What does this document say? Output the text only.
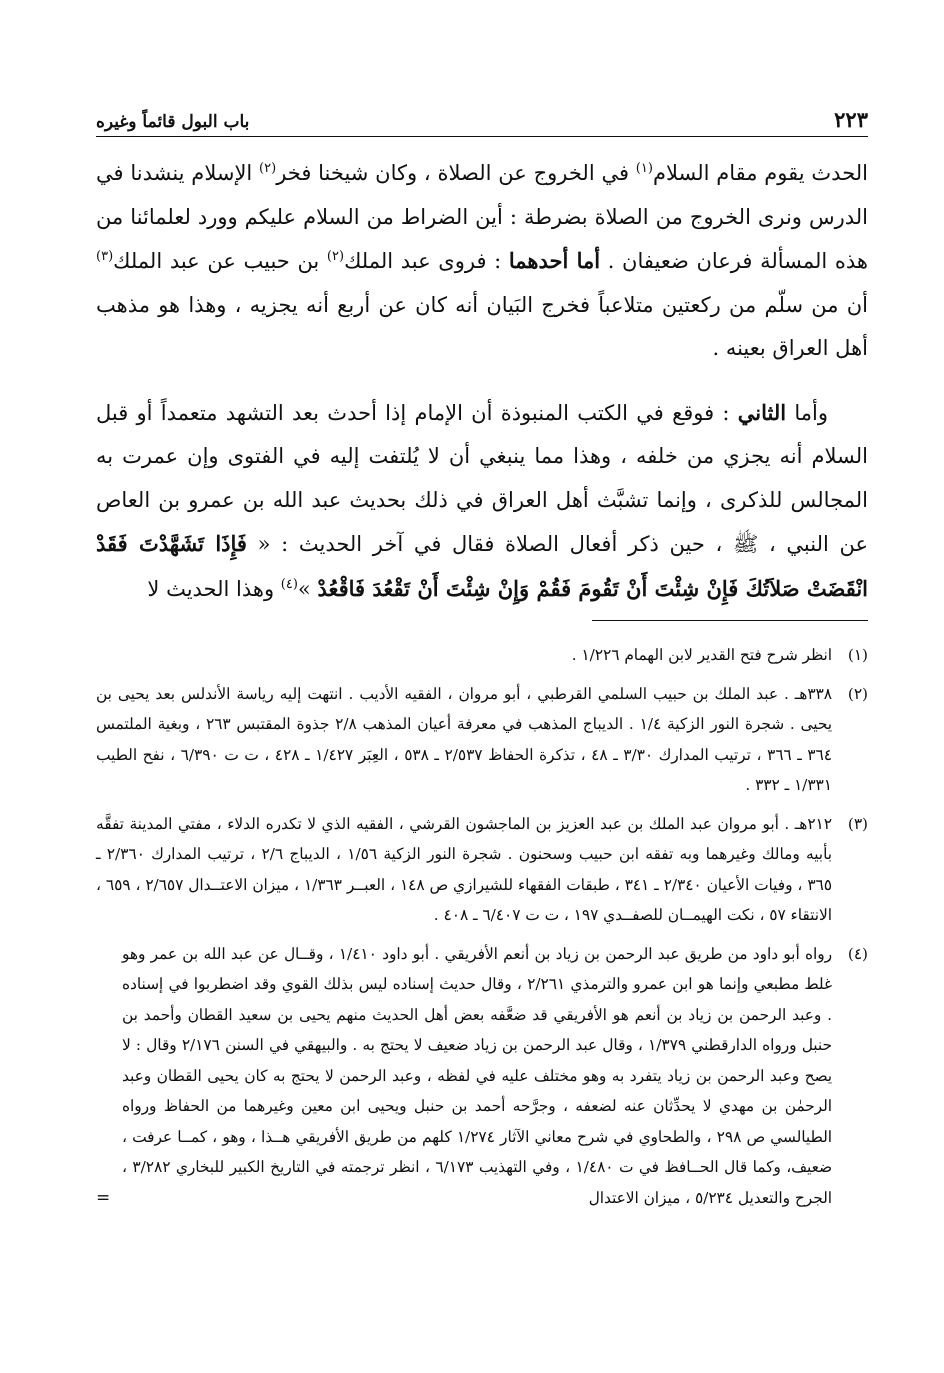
٢٢٣
باب البول قائماً وغيره

الحدث يقوم مقام السلام$^{(١)}$ في الخروج عن الصلاة ، وكان شيخنا فخر$^{(٢)}$ الإسلام ينشدنا في الدرس ونرى الخروج من الصلاة بضرطة : أين الضراط من السلام عليكم وورد لعلمائنا من هذه المسألة فرعان ضعيفان . أما أحدهما : فروى عبد الملك$^{(٢)}$ بن حبيب عن عبد الملك$^{(٣)}$ أن من سلّم من ركعتين متلاعباً فخرج البَيان أنه كان عن أربع أنه يجزيه ، وهذا هو مذهب أهل العراق بعينه .

وأما الثاني : فوقع في الكتب المنبوذة أن الإمام إذا أحدث بعد التشهد متعمداً أو قبل السلام أنه يجزي من خلفه ، وهذا مما ينبغي أن لا يُلتفت إليه في الفتوى وإن عمرت به المجالس للذكرى ، وإنما تشبَّث أهل العراق في ذلك بحديث عبد الله بن عمرو بن العاص عن النبي ، ﷺ ، حين ذكر أفعال الصلاة فقال في آخر الحديث : « فَإِذَا تَشَهَّدْتَ فَقَدْ انْقَضَتْ صَلاَتُكَ فَإِنْ شِئْتَ أَنْ تَقُومَ فَقُمْ وَإِنْ شِئْتَ أَنْ تَقْعُدَ فَاقْعُدْ »$^{(٤)}$ وهذا الحديث لا

(١)
انظر شرح فتح القدير لابن الهمام ١/٢٢٦ .
(٢)
٣٣٨هـ . عبد الملك بن حبيب السلمي القرطبي ، أبو مروان ، الفقيه الأديب . انتهت إليه رياسة الأندلس بعد يحيى بن يحيى . شجرة النور الزكية ١/٤ . الديباج المذهب في معرفة أعيان المذهب ٢/٨ جذوة المقتبس ٢٦٣ ، وبغية الملتمس ٣٦٤ ـ ٣٦٦ ، ترتيب المدارك ٣/٣٠ ـ ٤٨ ، تذكرة الحفاظ ٢/٥٣٧ ـ ٥٣٨ ، العِبَر ١/٤٢٧ ـ ٤٢٨ ، ت ت ٦/٣٩٠ ، نفح الطيب ١/٣٣١ ـ ٣٣٢ .
(٣)
٢١٢هـ . أبو مروان عبد الملك بن عبد العزيز بن الماجشون القرشي ، الفقيه الذي لا تكدره الدلاء ، مفتي المدينة تفقَّه بأبيه ومالك وغيرهما وبه تفقه ابن حبيب وسحنون . شجرة النور الزكية ١/٥٦ ، الديباج ٢/٦ ، ترتيب المدارك ٢/٣٦٠ ـ ٣٦٥ ، وفيات الأعيان ٢/٣٤٠ ـ ٣٤١ ، طبقات الفقهاء للشيرازي ص ١٤٨ ، العبــر ١/٣٦٣ ، ميزان الاعتــدال ٢/٦٥٧ ، ٦٥٩ ، الانتقاء ٥٧ ، نكت الهيمــان للصفــدي ١٩٧ ، ت ت ٦/٤٠٧ ـ ٤٠٨ .
(٤)
رواه أبو داود من طريق عبد الرحمن بن زياد بن أنعم الأفريقي . أبو داود ١/٤١٠ ، وقــال عن عبد الله بن عمر وهو غلط مطبعي وإنما هو ابن عمرو والترمذي ٢/٢٦١ ، وقال حديث إسناده ليس بذلك القوي وقد اضطربوا في إسناده . وعبد الرحمن بن زياد بن أنعم هو الأفريقي قد ضعَّفه بعض أهل الحديث منهم يحيى بن سعيد القطان وأحمد بن حنبل ورواه الدارقطني ١/٣٧٩ ، وقال عبد الرحمن بن زياد ضعيف لا يحتج به . والبيهقي في السنن ٢/١٧٦ وقال : لا يصح وعبد الرحمن بن زياد يتفرد به وهو مختلف عليه في لفظه ، وعبد الرحمن لا يحتج به كان يحيى القطان وعبد الرحمٰن بن مهدي لا يحدِّثان عنه لضعفه ، وجرَّحه أحمد بن حنبل ويحيى ابن معين وغيرهما من الحفاظ ورواه الطيالسي ص ٢٩٨ ، والطحاوي في شرح معاني الآثار ١/٢٧٤ كلهم من طريق الأفريقي هــذا ، وهو ، كمــا عرفت ، ضعيف، وكما قال الحــافظ في ت ١/٤٨٠ ، وفي التهذيب ٦/١٧٣ ، انظر ترجمته في التاريخ الكبير للبخاري ٣/٢٨٢ ، الجرح والتعديل ٥/٢٣٤ ، ميزان الاعتدال
=
